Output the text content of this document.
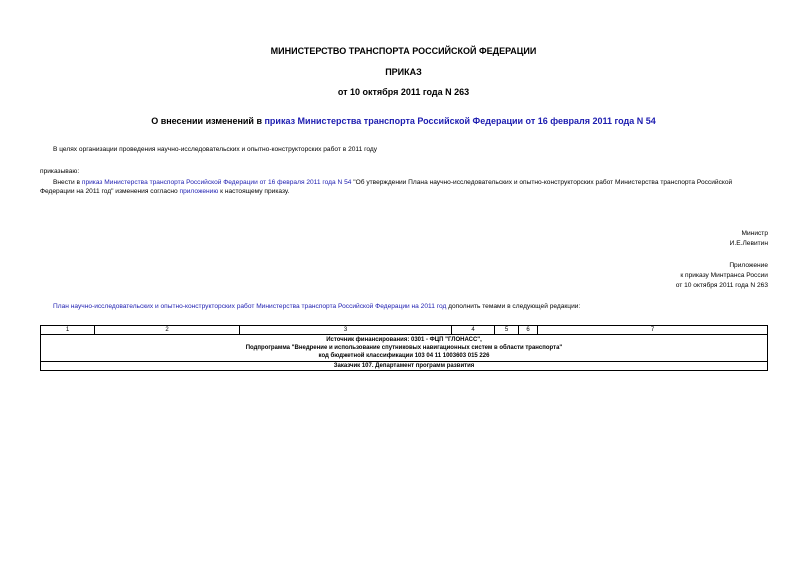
МИНИСТЕРСТВО ТРАНСПОРТА РОССИЙСКОЙ ФЕДЕРАЦИИ
ПРИКАЗ
от 10 октября 2011 года N 263
О внесении изменений в приказ Министерства транспорта Российской Федерации от 16 февраля 2011 года N 54
В целях организации проведения научно-исследовательских и опытно-конструкторских работ в 2011 году
приказываю:
Внести в приказ Министерства транспорта Российской Федерации от 16 февраля 2011 года N 54 "Об утверждении Плана научно-исследовательских и опытно-конструкторских работ Министерства транспорта Российской Федерации на 2011 год" изменения согласно приложению к настоящему приказу.
Министр
И.Е.Левитин
Приложение
к приказу Минтранса России
от 10 октября 2011 года N 263
План научно-исследовательских и опытно-конструкторских работ Министерства транспорта Российской Федерации на 2011 год дополнить темами в следующей редакции:
1	2	3	4	5	6	7

Источник финансирования: 0301 - ФЦП "ГЛОНАСС",
Подпрограмма "Внедрение и использование спутниковых навигационных систем в области транспорта"
код бюджетной классификации 103 04 11 1003603 015 226

Заказчик 107. Департамент программ развития
